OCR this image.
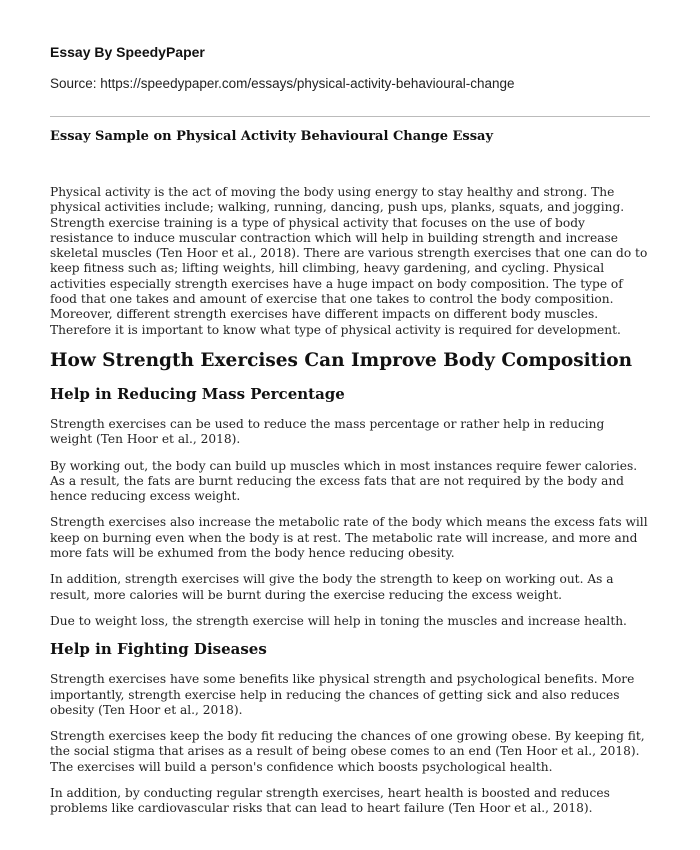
Essay By SpeedyPaper

Source: https://speedypaper.com/essays/physical-activity-behavioural-change

Essay Sample on Physical Activity Behavioural Change Essay

Physical activity is the act of moving the body using energy to stay healthy and strong. The physical activities include; walking, running, dancing, push ups, planks, squats, and jogging. Strength exercise training is a type of physical activity that focuses on the use of body resistance to induce muscular contraction which will help in building strength and increase skeletal muscles (Ten Hoor et al., 2018). There are various strength exercises that one can do to keep fitness such as; lifting weights, hill climbing, heavy gardening, and cycling. Physical activities especially strength exercises have a huge impact on body composition. The type of food that one takes and amount of exercise that one takes to control the body composition. Moreover, different strength exercises have different impacts on different body muscles. Therefore it is important to know what type of physical activity is required for development.

How Strength Exercises Can Improve Body Composition
Help in Reducing Mass Percentage

Strength exercises can be used to reduce the mass percentage or rather help in reducing weight (Ten Hoor et al., 2018).

By working out, the body can build up muscles which in most instances require fewer calories. As a result, the fats are burnt reducing the excess fats that are not required by the body and hence reducing excess weight.

Strength exercises also increase the metabolic rate of the body which means the excess fats will keep on burning even when the body is at rest. The metabolic rate will increase, and more and more fats will be exhumed from the body hence reducing obesity.

In addition, strength exercises will give the body the strength to keep on working out. As a result, more calories will be burnt during the exercise reducing the excess weight.

Due to weight loss, the strength exercise will help in toning the muscles and increase health.

Help in Fighting Diseases

Strength exercises have some benefits like physical strength and psychological benefits. More importantly, strength exercise help in reducing the chances of getting sick and also reduces obesity (Ten Hoor et al., 2018).

Strength exercises keep the body fit reducing the chances of one growing obese. By keeping fit, the social stigma that arises as a result of being obese comes to an end (Ten Hoor et al., 2018). The exercises will build a person's confidence which boosts psychological health.

In addition, by conducting regular strength exercises, heart health is boosted and reduces problems like cardiovascular risks that can lead to heart failure (Ten Hoor et al., 2018).
